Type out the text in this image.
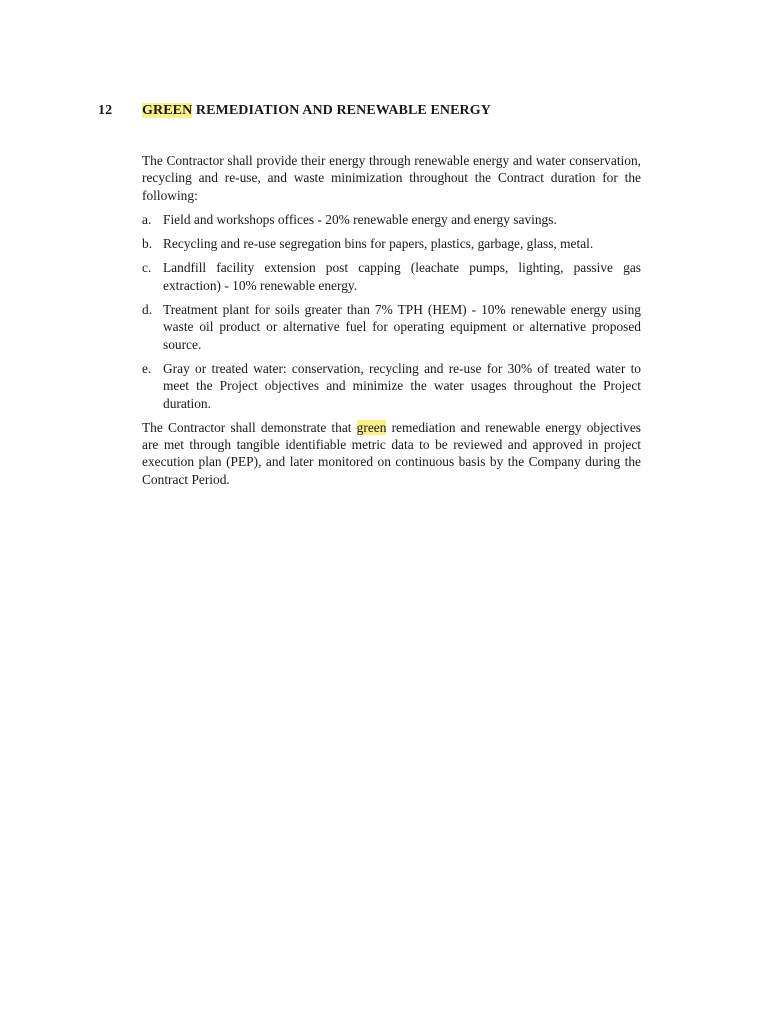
12 GREEN REMEDIATION AND RENEWABLE ENERGY

The Contractor shall provide their energy through renewable energy and water conservation, recycling and re-use, and waste minimization throughout the Contract duration for the following:

a. Field and workshops offices - 20% renewable energy and energy savings.
b. Recycling and re-use segregation bins for papers, plastics, garbage, glass, metal.
c. Landfill facility extension post capping (leachate pumps, lighting, passive gas extraction) - 10% renewable energy.
d. Treatment plant for soils greater than 7% TPH (HEM) - 10% renewable energy using waste oil product or alternative fuel for operating equipment or alternative proposed source.
e. Gray or treated water: conservation, recycling and re-use for 30% of treated water to meet the Project objectives and minimize the water usages throughout the Project duration.

The Contractor shall demonstrate that green remediation and renewable energy objectives are met through tangible identifiable metric data to be reviewed and approved in project execution plan (PEP), and later monitored on continuous basis by the Company during the Contract Period.
